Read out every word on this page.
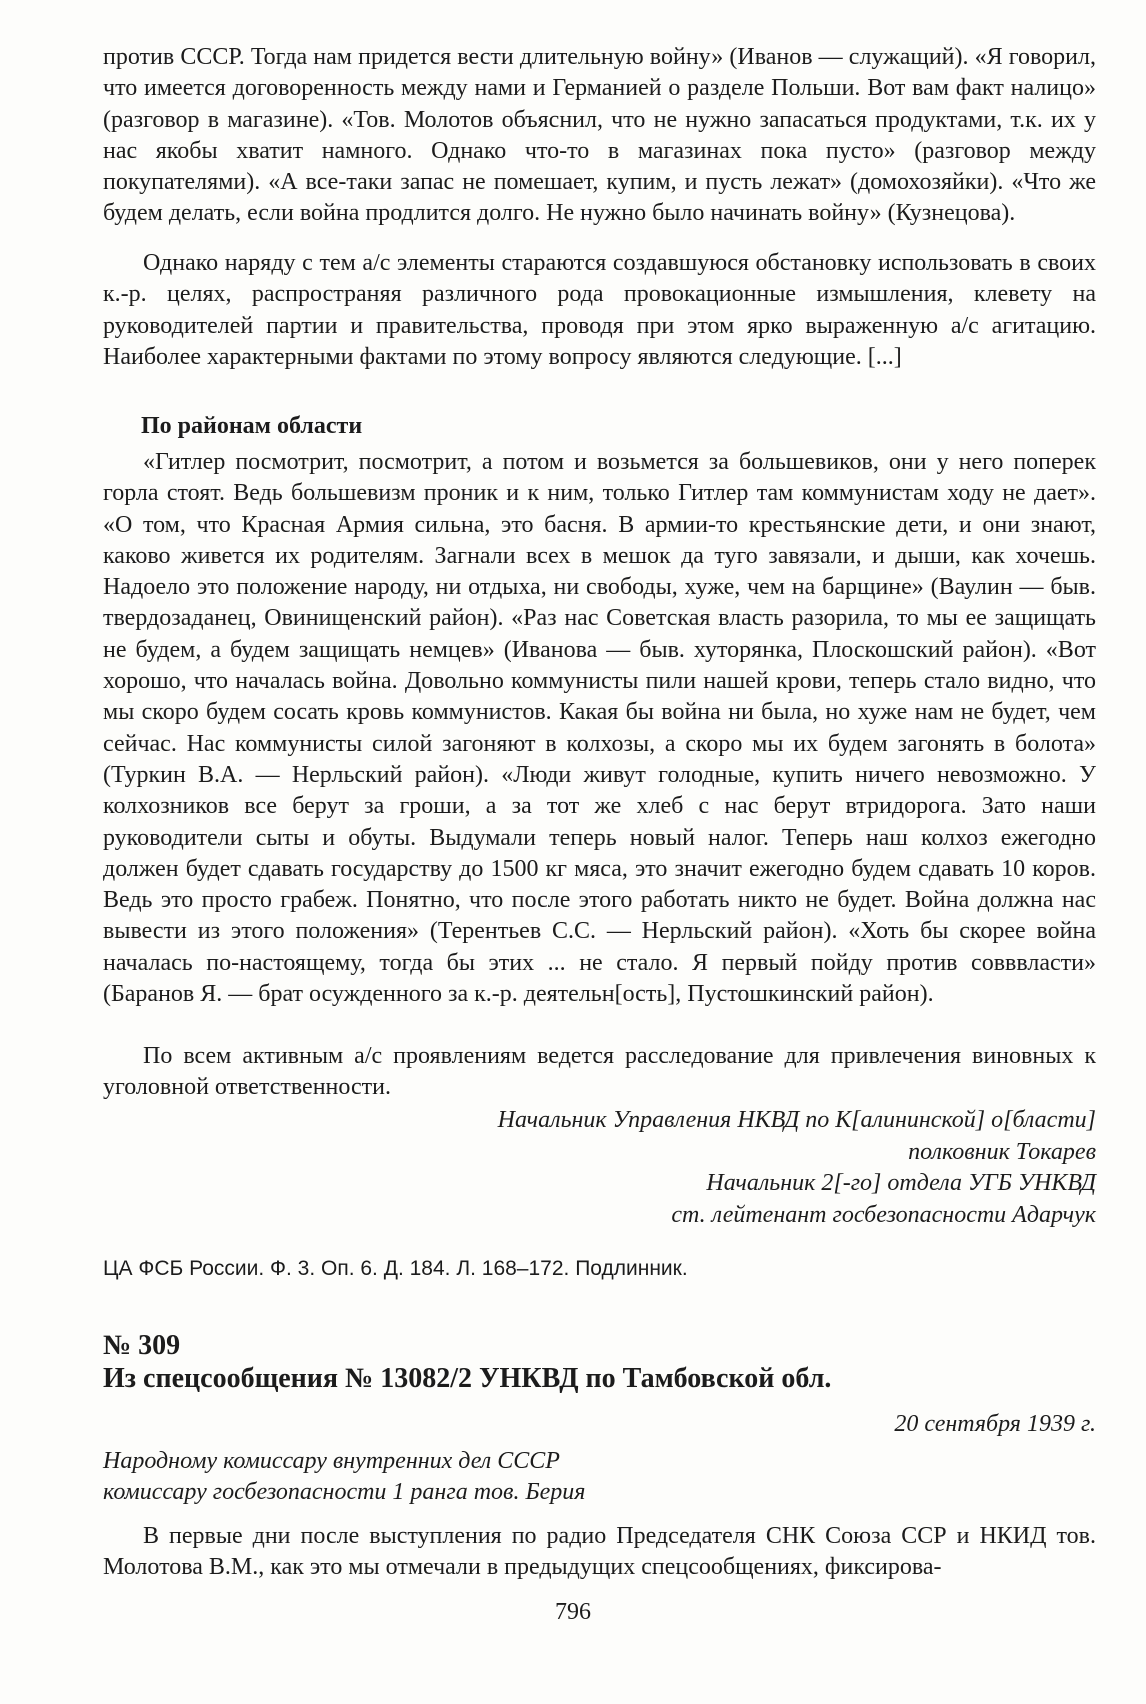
против СССР. Тогда нам придется вести длительную войну» (Иванов — служащий). «Я говорил, что имеется договоренность между нами и Германией о разделе Польши. Вот вам факт налицо» (разговор в магазине). «Тов. Молотов объяснил, что не нужно запасаться продуктами, т.к. их у нас якобы хватит намного. Однако что-то в магазинах пока пусто» (разговор между покупателями). «А все-таки запас не помешает, купим, и пусть лежат» (домохозяйки). «Что же будем делать, если война продлится долго. Не нужно было начинать войну» (Кузнецова).

Однако наряду с тем а/с элементы стараются создавшуюся обстановку использовать в своих к.-р. целях, распространяя различного рода провокационные измышления, клевету на руководителей партии и правительства, проводя при этом ярко выраженную а/с агитацию. Наиболее характерными фактами по этому вопросу являются следующие. [...]

По районам области

«Гитлер посмотрит, посмотрит, а потом и возьмется за большевиков, они у него поперек горла стоят. Ведь большевизм проник и к ним, только Гитлер там коммунистам ходу не дает». «О том, что Красная Армия сильна, это басня. В армии-то крестьянские дети, и они знают, каково живется их родителям. Загнали всех в мешок да туго завязали, и дыши, как хочешь. Надоело это положение народу, ни отдыха, ни свободы, хуже, чем на барщине» (Ваулин — быв. твердозаданец, Овинищенский район). «Раз нас Советская власть разорила, то мы ее защищать не будем, а будем защищать немцев» (Иванова — быв. хуторянка, Плоскошский район). «Вот хорошо, что началась война. Довольно коммунисты пили нашей крови, теперь стало видно, что мы скоро будем сосать кровь коммунистов. Какая бы война ни была, но хуже нам не будет, чем сейчас. Нас коммунисты силой загоняют в колхозы, а скоро мы их будем загонять в болота» (Туркин В.А. — Нерльский район). «Люди живут голодные, купить ничего невозможно. У колхозников все берут за гроши, а за тот же хлеб с нас берут втридорога. Зато наши руководители сыты и обуты. Выдумали теперь новый налог. Теперь наш колхоз ежегодно должен будет сдавать государству до 1500 кг мяса, это значит ежегодно будем сдавать 10 коров. Ведь это просто грабеж. Понятно, что после этого работать никто не будет. Война должна нас вывести из этого положения» (Терентьев С.С. — Нерльский район). «Хоть бы скорее война началась по-настоящему, тогда бы этих ... не стало. Я первый пойду против совввласти» (Баранов Я. — брат осужденного за к.-р. деятельн[ость], Пустошкинский район).

По всем активным а/с проявлениям ведется расследование для привлечения виновных к уголовной ответственности.

Начальник Управления НКВД по К[алининской] о[бласти]

полковник Токарев

Начальник 2[-го] отдела УГБ УНКВД

ст. лейтенант госбезопасности Адарчук

ЦА ФСБ России. Ф. 3. Оп. 6. Д. 184. Л. 168–172. Подлинник.

№ 309

Из спецсообщения № 13082/2 УНКВД по Тамбовской обл.

20 сентября 1939 г.

Народному комиссару внутренних дел СССР

комиссару госбезопасности 1 ранга тов. Берия

В первые дни после выступления по радио Председателя СНК Союза ССР и НКИД тов. Молотова В.М., как это мы отмечали в предыдущих спецсообщениях, фиксирова-

796
